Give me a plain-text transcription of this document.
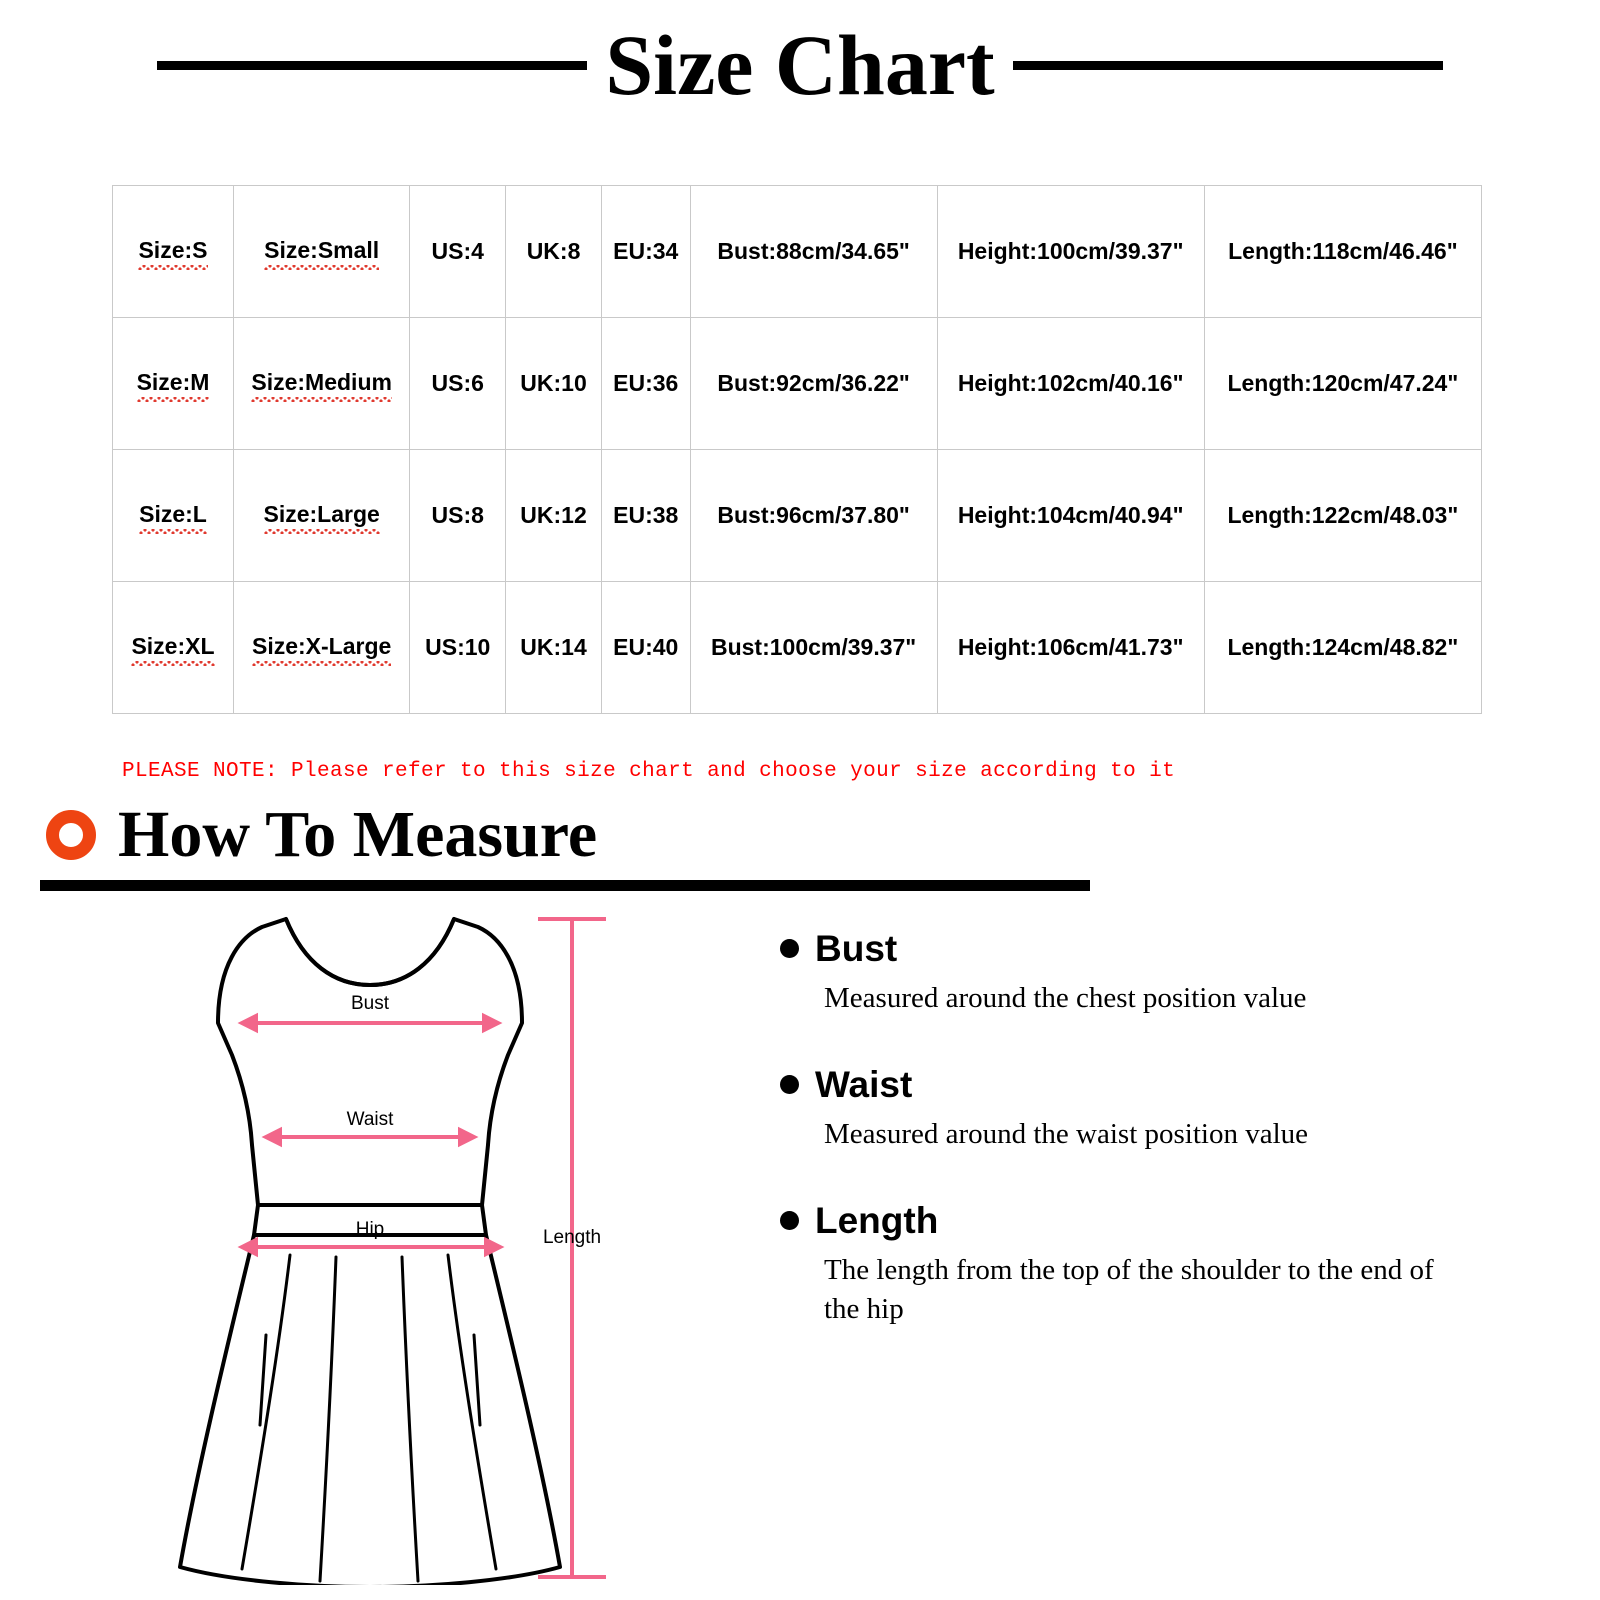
Size Chart
Size:S	Size:Small	US:4	UK:8	EU:34	Bust:88cm/34.65"	Height:100cm/39.37"	Length:118cm/46.46"
Size:M	Size:Medium	US:6	UK:10	EU:36	Bust:92cm/36.22"	Height:102cm/40.16"	Length:120cm/47.24"
Size:L	Size:Large	US:8	UK:12	EU:38	Bust:96cm/37.80"	Height:104cm/40.94"	Length:122cm/48.03"
Size:XL	Size:X-Large	US:10	UK:14	EU:40	Bust:100cm/39.37"	Height:106cm/41.73"	Length:124cm/48.82"
PLEASE NOTE: Please refer to this size chart and choose your size according to it
How To Measure
Bust
Waist
Hip	Length
Bust
Measured around the chest position value
Waist
Measured around the waist position value
Length
The length from the top of the shoulder to the end of the hip
